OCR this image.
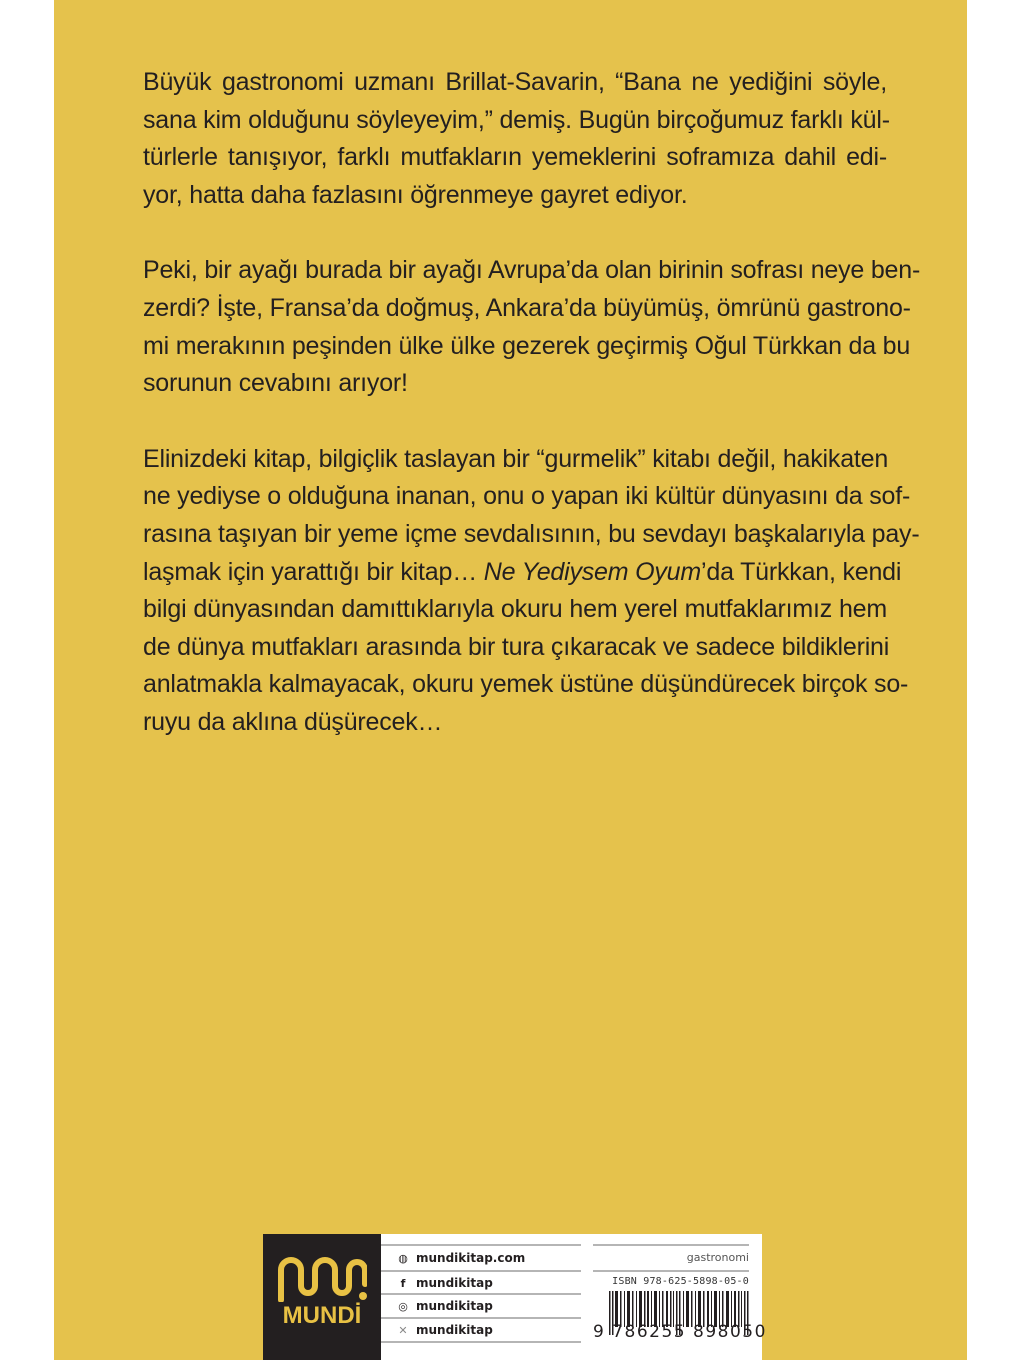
Büyük gastronomi uzmanı Brillat-Savarin, “Bana ne yediğini söyle,
sana kim olduğunu söyleyeyim,” demiş. Bugün birçoğumuz farklı kül-
türlerle tanışıyor, farklı mutfakların yemeklerini soframıza dahil edi-
yor, hatta daha fazlasını öğrenmeye gayret ediyor.

Peki, bir ayağı burada bir ayağı Avrupa’da olan birinin sofrası neye ben-
zerdi? İşte, Fransa’da doğmuş, Ankara’da büyümüş, ömrünü gastrono-
mi merakının peşinden ülke ülke gezerek geçirmiş Oğul Türkkan da bu
sorunun cevabını arıyor!

Elinizdeki kitap, bilgiçlik taslayan bir “gurmelik” kitabı değil, hakikaten
ne yediyse o olduğuna inanan, onu o yapan iki kültür dünyasını da sof-
rasına taşıyan bir yeme içme sevdalısının, bu sevdayı başkalarıyla pay-
laşmak için yarattığı bir kitap… Ne Yediysem Oyum’da Türkkan, kendi
bilgi dünyasından damıttıklarıyla okuru hem yerel mutfaklarımız hem
de dünya mutfakları arasında bir tura çıkaracak ve sadece bildiklerini
anlatmakla kalmayacak, okuru yemek üstüne düşündürecek birçok so-
ruyu da aklına düşürecek…

MUNDİ
◍ mundikitap.com
f mundikitap
◎ mundikitap
✕ mundikitap
gastronomi
ISBN 978-625-5898-05-0
9 786255 898050
